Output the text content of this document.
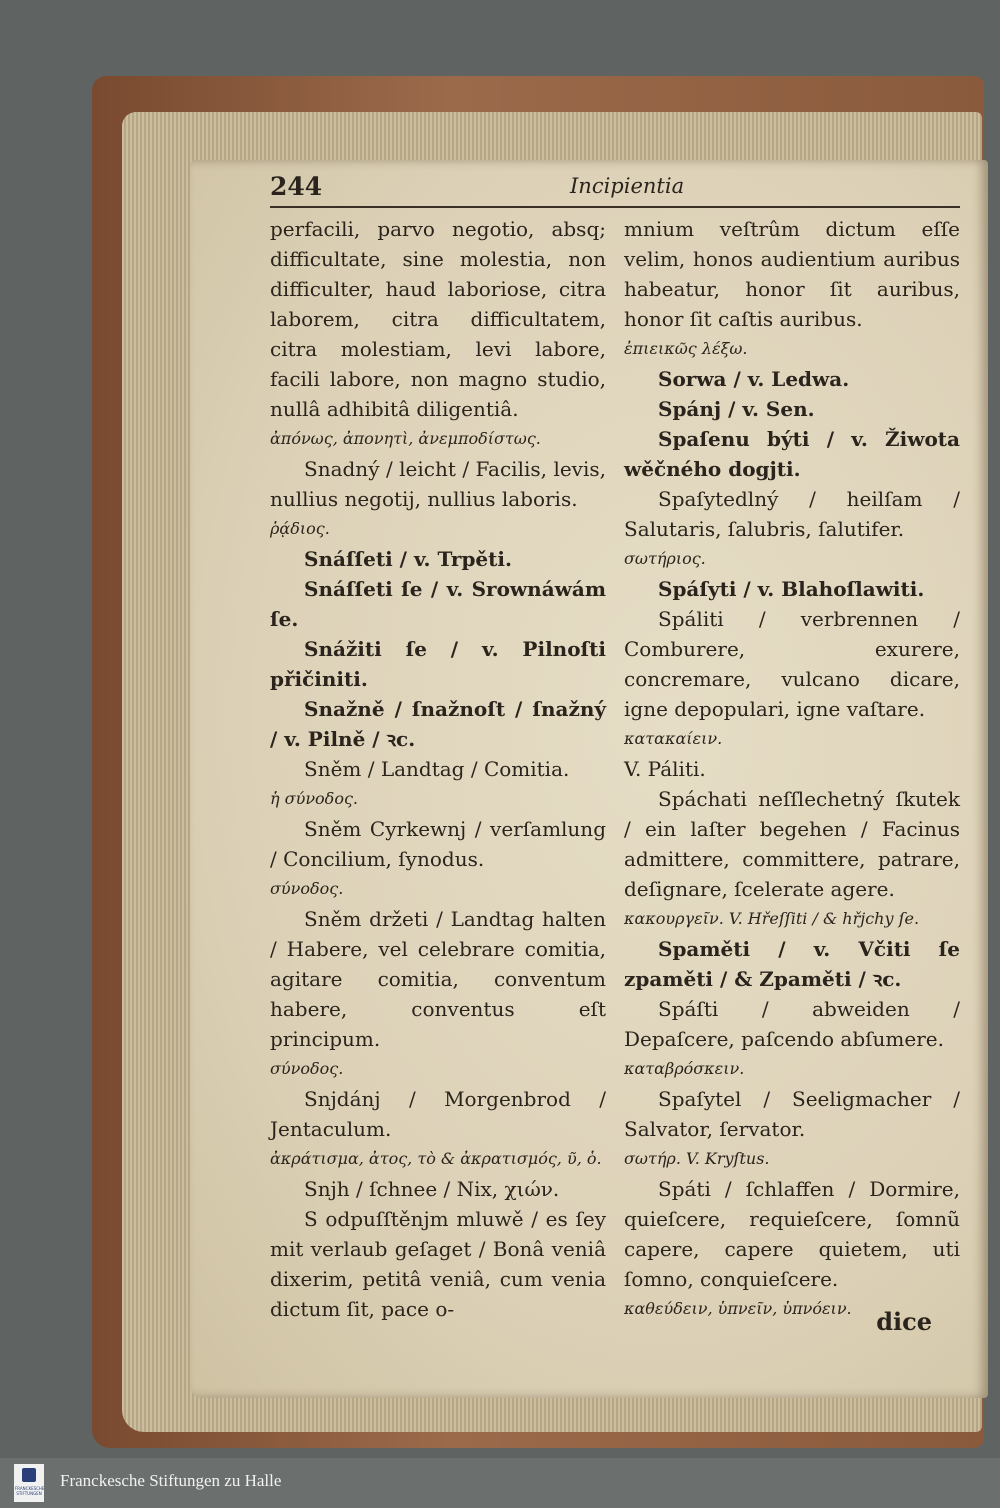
244	Incipientia

perfacili, parvo negotio, absq; difficultate, sine molestia, non difficulter, haud laboriose, citra laborem, citra difficultatem, citra molestiam, levi labore, facili labore, non magno studio, nullâ adhibitâ diligentiâ.

ἀπόνως, ἀπονητὶ, ἀνεμποδίστως.

Snadný / leicht / Facilis, levis, nullius negotij, nullius laboris.

ῥᾴδιος.

Snáſſeti / v. Trpěti.

Snáſſeti ſe / v. Srownáwám ſe.

Snážiti ſe / v. Pilnoſti přičiniti.

Snažně / ſnažnoſt / ſnažný / v. Pilně / ꝛc.

Sněm / Landtag / Comitia.

ἡ σύνοδος.

Sněm Cyrkewnj / verſamlung / Concilium, ſynodus.

σύνοδος.

Sněm držeti / Landtag halten / Habere, vel celebrare comitia, agitare comitia, conventum habere, conventus eſt principum.

σύνοδος.

Snjdánj / Morgenbrod / Jentaculum.

ἀκράτισμα, ἀτος, τὸ & ἀκρατισμός, ῦ, ὁ.

Snjh / ſchnee / Nix, χιών.

S odpuſſtěnjm mluwě / es ſey mit verlaub geſaget / Bonâ veniâ dixerim, petitâ veniâ, cum venia dictum ſit, pace o-

mnium veſtrûm dictum eſſe velim, honos audientium auribus habeatur, honor ſit auribus, honor ſit caſtis auribus.

ἐπιεικῶς λέξω.

Sorwa / v. Ledwa.

Spánj / v. Sen.

Spaſenu býti / v. Žiwota wěčného dogjti.

Spaſytedlný / heilſam / Salutaris, ſalubris, ſalutifer.

σωτήριος.

Spáſyti / v. Blahoſlawiti.

Spáliti / verbrennen / Comburere, exurere, concremare, vulcano dicare, igne depopulari, igne vaſtare.

κατακαίειν.

V. Páliti.

Spáchati neſſlechetný ſkutek / ein laſter begehen / Facinus admittere, committere, patrare, deſignare, ſcelerate agere.

κακουργεῖν. V. Hřeſſiti / & hřjchy ſe.

Spaměti / v. Včiti ſe zpaměti / & Zpaměti / ꝛc.

Spáſti / abweiden / Depaſcere, paſcendo abſumere.

καταβρόσκειν.

Spaſytel / Seeligmacher / Salvator, ſervator.

σωτήρ. V. Kryſtus.

Spáti / ſchlaffen / Dormire, quieſcere, requieſcere, ſomnũ capere, capere quietem, uti ſomno, conquieſcere.

καθεύδειν, ὑπνεῖν, ὑπνόειν.	dice
FRANCKESCHE STIFTUNGEN
Franckesche Stiftungen zu Halle
